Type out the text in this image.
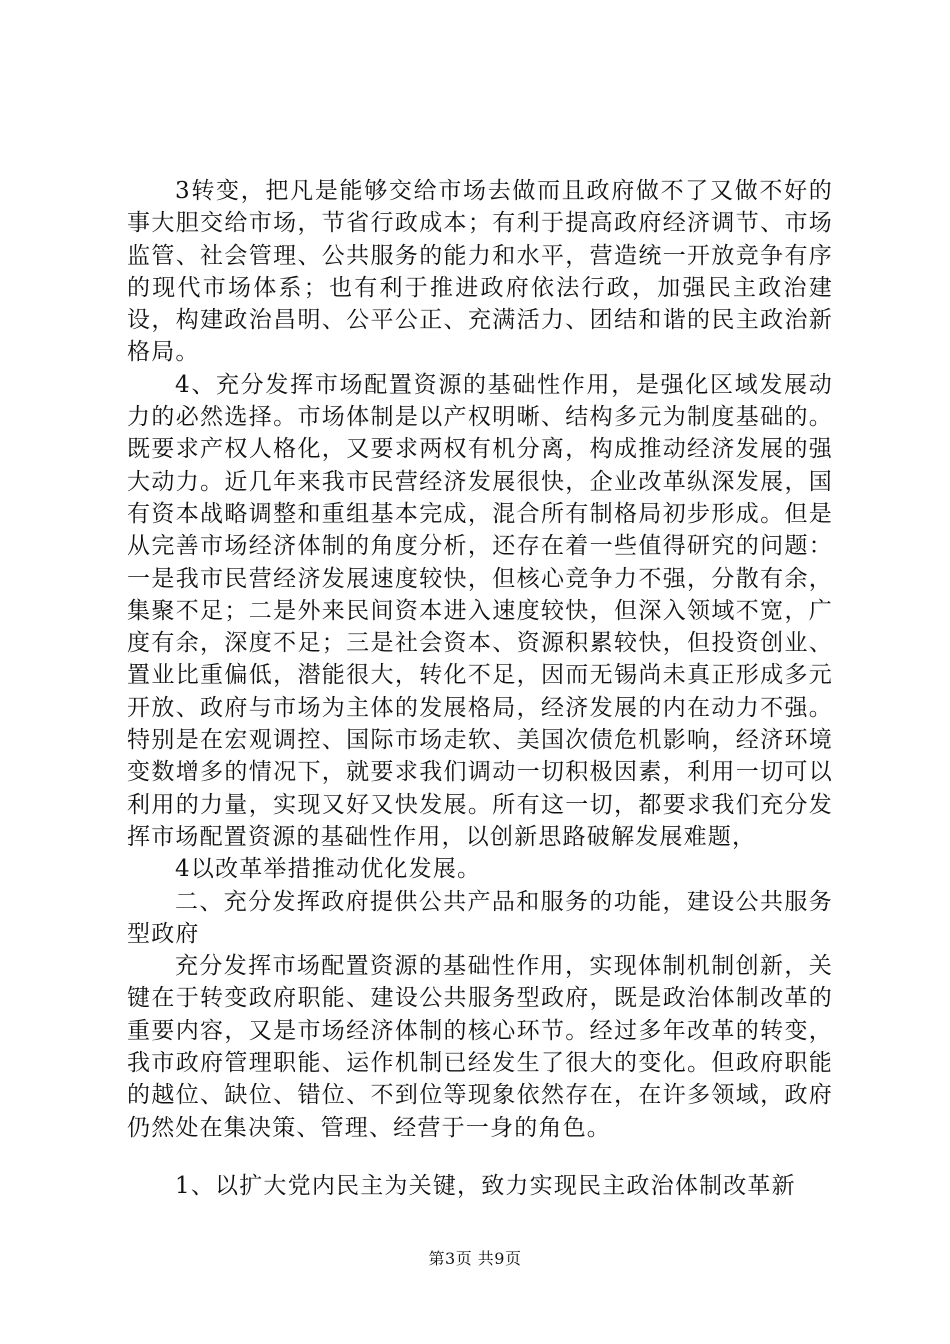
3转变，把凡是能够交给市场去做而且政府做不了又做不好的事大胆交给市场，节省行政成本；有利于提高政府经济调节、市场监管、社会管理、公共服务的能力和水平，营造统一开放竞争有序的现代市场体系；也有利于推进政府依法行政，加强民主政治建设，构建政治昌明、公平公正、充满活力、团结和谐的民主政治新格局。

4、充分发挥市场配置资源的基础性作用，是强化区域发展动力的必然选择。市场体制是以产权明晰、结构多元为制度基础的。既要求产权人格化，又要求两权有机分离，构成推动经济发展的强大动力。近几年来我市民营经济发展很快，企业改革纵深发展，国有资本战略调整和重组基本完成，混合所有制格局初步形成。但是从完善市场经济体制的角度分析，还存在着一些值得研究的问题：一是我市民营经济发展速度较快，但核心竞争力不强，分散有余，集聚不足；二是外来民间资本进入速度较快，但深入领域不宽，广度有余，深度不足；三是社会资本、资源积累较快，但投资创业、置业比重偏低，潜能很大，转化不足，因而无锡尚未真正形成多元开放、政府与市场为主体的发展格局，经济发展的内在动力不强。特别是在宏观调控、国际市场走软、美国次债危机影响，经济环境变数增多的情况下，就要求我们调动一切积极因素，利用一切可以利用的力量，实现又好又快发展。所有这一切，都要求我们充分发挥市场配置资源的基础性作用，以创新思路破解发展难题，

4以改革举措推动优化发展。

二、充分发挥政府提供公共产品和服务的功能，建设公共服务型政府

充分发挥市场配置资源的基础性作用，实现体制机制创新，关键在于转变政府职能、建设公共服务型政府，既是政治体制改革的重要内容，又是市场经济体制的核心环节。经过多年改革的转变，我市政府管理职能、运作机制已经发生了很大的变化。但政府职能的越位、缺位、错位、不到位等现象依然存在，在许多领域，政府仍然处在集决策、管理、经营于一身的角色。

1、以扩大党内民主为关键，致力实现民主政治体制改革新

第3页 共9页
